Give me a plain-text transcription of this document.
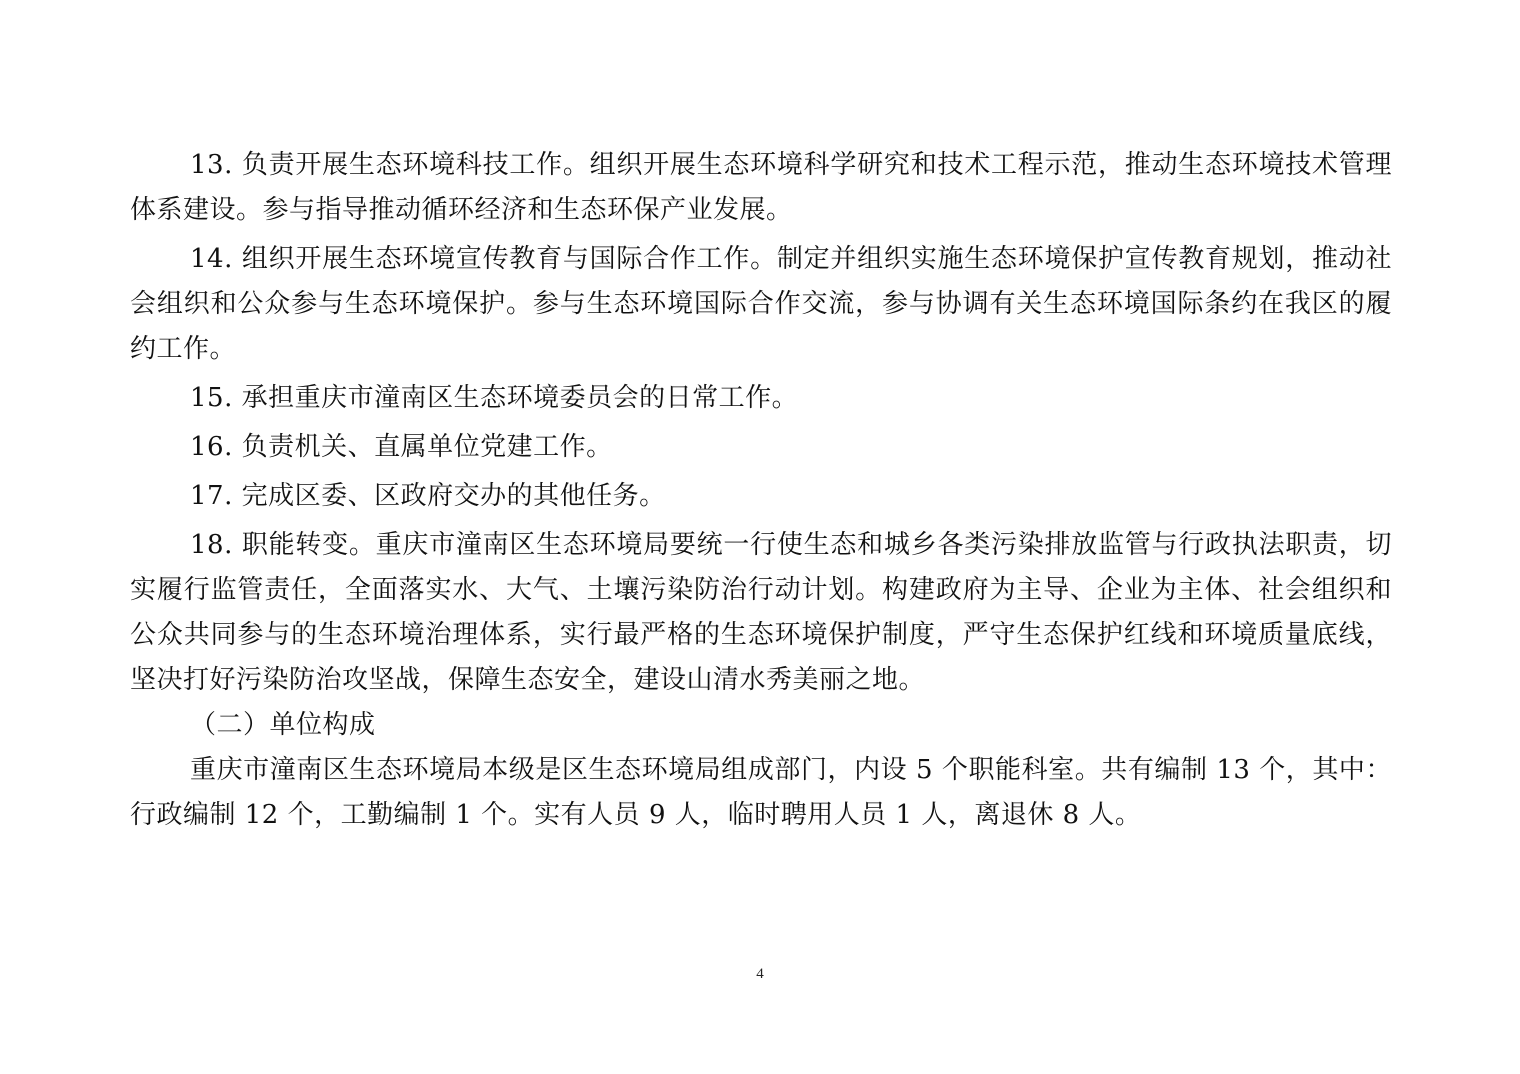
13. 负责开展生态环境科技工作。组织开展生态环境科学研究和技术工程示范，推动生态环境技术管理体系建设。参与指导推动循环经济和生态环保产业发展。

14. 组织开展生态环境宣传教育与国际合作工作。制定并组织实施生态环境保护宣传教育规划，推动社会组织和公众参与生态环境保护。参与生态环境国际合作交流，参与协调有关生态环境国际条约在我区的履约工作。

15. 承担重庆市潼南区生态环境委员会的日常工作。

16. 负责机关、直属单位党建工作。

17. 完成区委、区政府交办的其他任务。

18. 职能转变。重庆市潼南区生态环境局要统一行使生态和城乡各类污染排放监管与行政执法职责，切实履行监管责任，全面落实水、大气、土壤污染防治行动计划。构建政府为主导、企业为主体、社会组织和公众共同参与的生态环境治理体系，实行最严格的生态环境保护制度，严守生态保护红线和环境质量底线，坚决打好污染防治攻坚战，保障生态安全，建设山清水秀美丽之地。

（二）单位构成

重庆市潼南区生态环境局本级是区生态环境局组成部门，内设 5 个职能科室。共有编制 13 个，其中：行政编制 12 个，工勤编制 1 个。实有人员 9 人，临时聘用人员 1 人，离退休 8 人。

4
